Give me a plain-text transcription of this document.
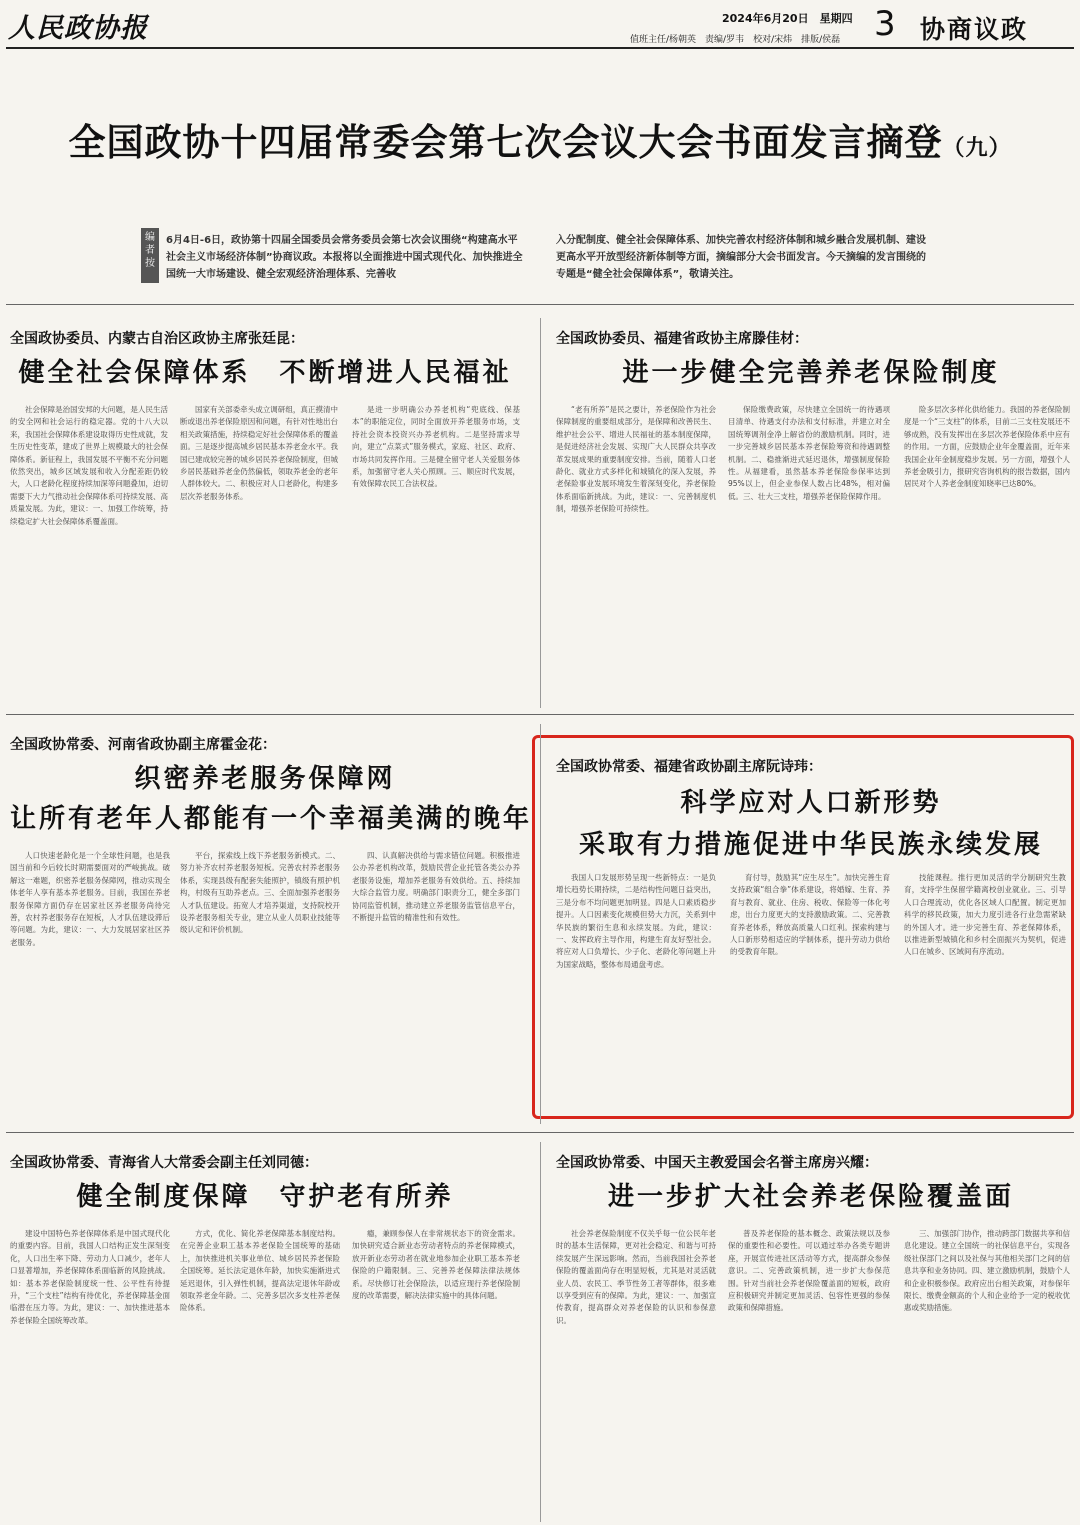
人民政协报	2024年6月20日　星期四
值班主任/杨朝英　责编/罗韦　校对/宋炜　排版/侯磊 3 协商议政
全国政协十四届常委会第七次会议大会书面发言摘登（九）
编者按
6月4日-6日，政协第十四届全国委员会常务委员会第七次会议围绕“构建高水平社会主义市场经济体制”协商议政。本报将以全面推进中国式现代化、加快推进全国统一大市场建设、健全宏观经济治理体系、完善收
入分配制度、健全社会保障体系、加快完善农村经济体制和城乡融合发展机制、建设更高水平开放型经济新体制等方面，摘编部分大会书面发言。今天摘编的发言围绕的专题是“健全社会保障体系”，敬请关注。
全国政协委员、内蒙古自治区政协主席张廷昆：
健全社会保障体系　不断增进人民福祉

社会保障是治国安邦的大问题，是人民生活的安全网和社会运行的稳定器。党的十八大以来，我国社会保障体系建设取得历史性成就，发生历史性变革，建成了世界上规模最大的社会保障体系。新征程上，我国发展不平衡不充分问题依然突出，城乡区域发展和收入分配差距仍较大，人口老龄化程度持续加深等问题叠加，迫切需要下大力气推动社会保障体系可持续发展、高质量发展。为此，建议：一、加强工作统筹，持续稳定扩大社会保障体系覆盖面。

国家有关部委牵头成立调研组，真正摸清中断或退出养老保险原因和问题，有针对性地出台相关政策措施，持续稳定好社会保障体系的覆盖面。三是逐步提高城乡居民基本养老金水平。我国已建成较完善的城乡居民养老保险制度，但城乡居民基础养老金仍然偏低，领取养老金的老年人群体较大。二、积极应对人口老龄化，构建多层次养老服务体系。

是进一步明确公办养老机构“兜底线、保基本”的职能定位，同时全面放开养老服务市场，支持社会资本投资兴办养老机构。二是坚持需求导向，建立“点菜式”服务模式，家庭、社区、政府、市场共同发挥作用。三是健全留守老人关爱服务体系，加强留守老人关心照顾。三、顺应时代发展，有效保障农民工合法权益。

全国政协委员、福建省政协主席滕佳材：
进一步健全完善养老保险制度

“老有所养”是民之要计，养老保险作为社会保障制度的重要组成部分，是保障和改善民生、维护社会公平、增进人民福祉的基本制度保障，是促进经济社会发展、实现广大人民群众共享改革发展成果的重要制度安排。当前，随着人口老龄化、就业方式多样化和城镇化的深入发展，养老保险事业发展环境发生着深刻变化，养老保险体系面临新挑战。为此，建议：一、完善制度机制，增强养老保险可持续性。

保险缴费政策，尽快建立全国统一的待遇项目清单、待遇支付办法和支付标准，并建立对全国统筹调剂金净上解省份的激励机制。同时，进一步完善城乡居民基本养老保险筹资和待遇调整机制。二、稳推渐进式延迟退休，增强制度保险性。从福建看，虽然基本养老保险参保率达到95%以上，但企业参保人数占比48%，相对偏低。三、壮大三支柱，增强养老保险保障作用。

险多层次多样化供给能力。我国的养老保险制度是一个“三支柱”的体系，目前二三支柱发展还不够成熟，没有发挥出在多层次养老保险体系中应有的作用。一方面，应鼓励企业年金覆盖面，近年来我国企业年金制度稳步发展。另一方面，增强个人养老金吸引力，报研究咨询机构的报告数据，国内居民对个人养老金制度知晓率已达80%。

全国政协常委、河南省政协副主席霍金花：
织密养老服务保障网
让所有老年人都能有一个幸福美满的晚年

人口快速老龄化是一个全球性问题，也是我国当前和今后较长时期需要面对的严峻挑战。破解这一难题，织密养老服务保障网，推动实现全体老年人享有基本养老服务。目前，我国在养老服务保障方面仍存在居家社区养老服务尚待完善，农村养老服务存在短板，人才队伍建设滞后等问题。为此，建议：一、大力发展居家社区养老服务。

平台，探索线上线下养老服务新模式。二、努力补齐农村养老服务短板。完善农村养老服务体系，实现县级有配套失能照护，镇级有照护机构，村级有互助养老点。三、全面加强养老服务人才队伍建设。拓宽人才培养渠道，支持院校开设养老服务相关专业，建立从业人员职业技能等级认定和评价机制。

四、认真解决供给与需求错位问题。积极推进公办养老机构改革，鼓励民营企业托管各类公办养老服务设施，增加养老服务有效供给。五、持续加大综合监管力度。明确部门职责分工，健全多部门协同监管机制，推动建立养老服务监管信息平台，不断提升监管的精准性和有效性。

全国政协常委、福建省政协副主席阮诗玮：
科学应对人口新形势
采取有力措施促进中华民族永续发展

我国人口发展形势呈现一些新特点：一是负增长趋势长期持续，二是结构性问题日益突出，三是分布不均问题更加明显。四是人口素质稳步提升。人口因素变化规模但势大力沉，关系到中华民族的繁衍生息和永续发展。为此，建议：一、发挥政府主导作用，构建生育友好型社会。将应对人口负增长、少子化、老龄化等问题上升为国家战略，整体布局通盘考虑。

育付导，鼓励其“应生尽生”。加快完善生育支持政策“组合拳”体系建设，将婚嫁、生育、养育与教育、就业、住房、税收、保险等一体化考虑，出台力度更大的支持激励政策。二、完善教育养老体系，释放高质量人口红利。探索构建与人口新形势相适应的学制体系，提升劳动力供给的受教育年限。

技能课程。推行更加灵活的学分制研究生教育，支持学生保留学籍离校创业就业。三、引导人口合理流动，优化各区域人口配置。制定更加科学的移民政策，加大力度引进各行业急需紧缺的外国人才。进一步完善生育、养老保障体系，以推进新型城镇化和乡村全面振兴为契机，促进人口在城乡、区域间有序流动。

全国政协常委、青海省人大常委会副主任刘同德：
健全制度保障　守护老有所养

建设中国特色养老保障体系是中国式现代化的重要内容。目前，我国人口结构正发生深刻变化，人口出生率下降、劳动力人口减少，老年人口显著增加，养老保障体系面临新的风险挑战。如：基本养老保险制度统一性、公平性有待提升，“三个支柱”结构有待优化，养老保障基金面临潜在压力等。为此，建议：一、加快推进基本养老保险全国统筹改革。

方式，优化、简化养老保障基本制度结构。在完善企业职工基本养老保险全国统筹的基础上，加快推进机关事业单位、城乡居民养老保险全国统筹。延长法定退休年龄，加快实施渐进式延迟退休，引入弹性机制，提高法定退休年龄或领取养老金年龄。二、完善多层次多支柱养老保险体系。

瘾，兼顾参保人在非常规状态下的资金需求。加快研究适合新业态劳动者特点的养老保障模式，放开新业态劳动者在就业地参加企业职工基本养老保险的户籍限制。三、完善养老保障法律法规体系。尽快修订社会保险法，以适应现行养老保险制度的改革需要，解决法律实施中的具体问题。

全国政协常委、中国天主教爱国会名誉主席房兴耀：
进一步扩大社会养老保险覆盖面

社会养老保险制度不仅关乎每一位公民年老时的基本生活保障，更对社会稳定、和谐与可持续发展产生深远影响。然而，当前我国社会养老保险的覆盖面尚存在明显短板，尤其是对灵活就业人员、农民工、季节性务工者等群体，很多难以享受到应有的保障。为此，建议：一、加强宣传教育，提高群众对养老保险的认识和参保意识。

普及养老保险的基本概念、政策法规以及参保的重要性和必要性。可以通过举办各类专题讲座，开展宣传进社区活动等方式，提高群众参保意识。二、完善政策机制，进一步扩大参保范围。针对当前社会养老保险覆盖面的短板，政府应积极研究并制定更加灵活、包容性更强的参保政策和保障措施。

三、加强部门协作，推动跨部门数据共享和信息化建设。建立全国统一的社保信息平台，实现各级社保部门之间以及社保与其他相关部门之间的信息共享和业务协同。四、建立激励机制，鼓励个人和企业积极参保。政府应出台相关政策，对参保年限长、缴费金额高的个人和企业给予一定的税收优惠或奖励措施。
